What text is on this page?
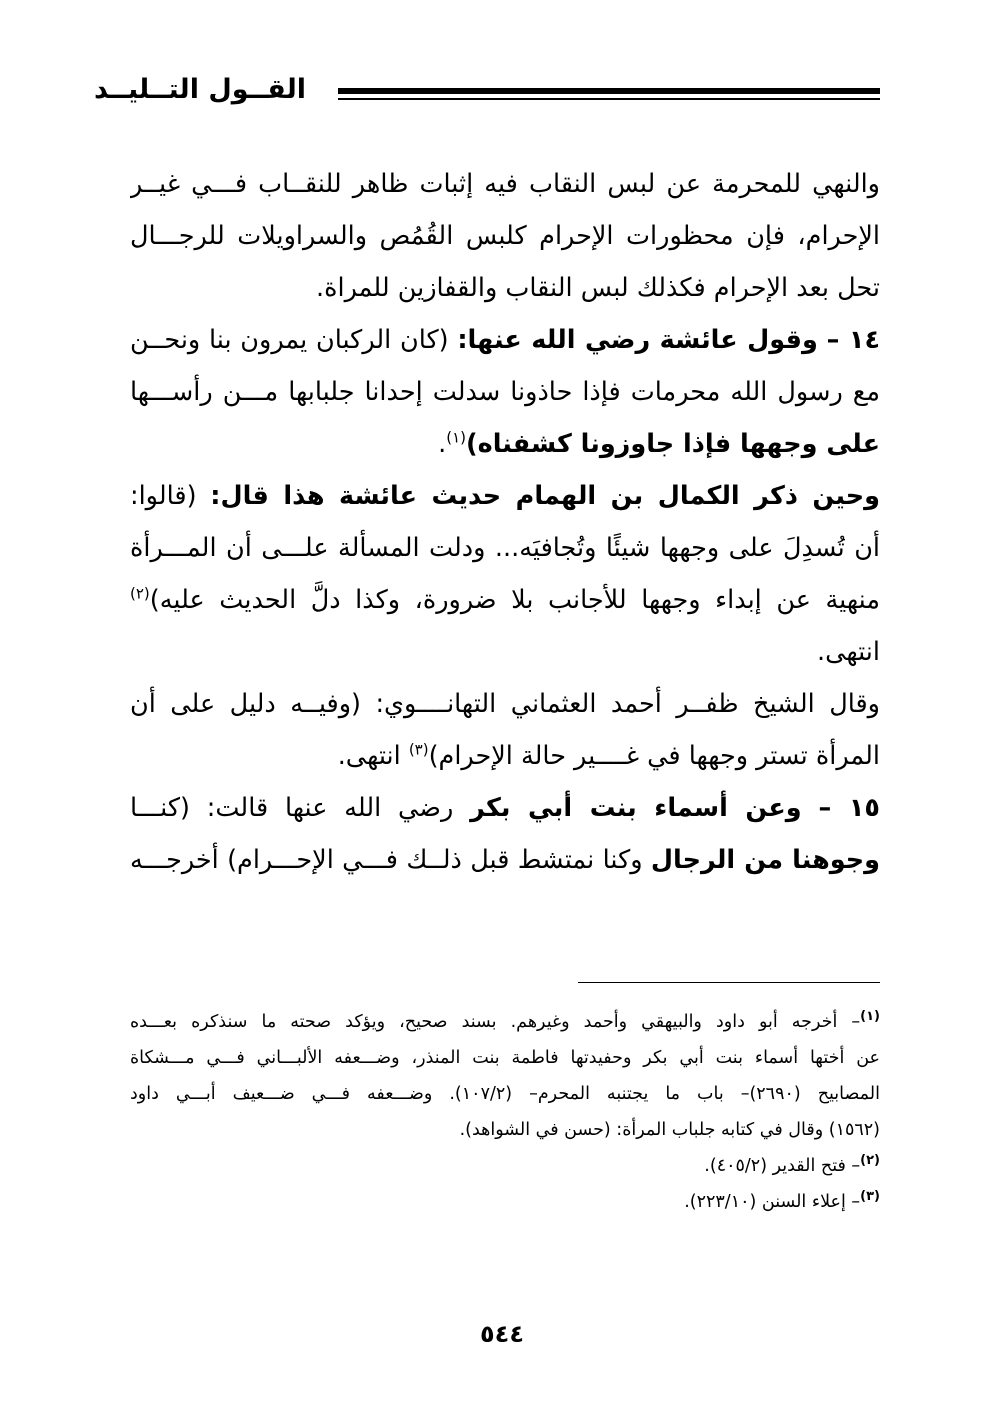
القــول التــليــد
والنهي للمحرمة عن لبس النقاب فيه إثبات ظاهر للنقــاب فـــي غيــر
الإحرام، فإن محظورات الإحرام كلبس القُمُص والسراويلات للرجـــال
تحل بعد الإحرام فكذلك لبس النقاب والقفازين للمراة.
١٤ – وقول عائشة رضي الله عنها: (كان الركبان يمرون بنا ونحــن
مع رسول الله محرمات فإذا حاذونا سدلت إحدانا جلبابها مـــن رأســـها
على وجهها فإذا جاوزونا كشفناه)$^{(١)}$.
وحين ذكر الكمال بن الهمام حديث عائشة هذا قال: (قالوا:
أن تُسدِلَ على وجهها شيئًا وتُجافيَه... ودلت المسألة علـــى أن المـــرأة
منهية عن إبداء وجهها للأجانب بلا ضرورة، وكذا دلَّ الحديث عليه)$^{(٢)}$
انتهى.
وقال الشيخ ظفــر أحمد العثماني التهانــــوي: (وفيــه دليل على أن
المرأة تستر وجهها في غــــير حالة الإحرام)$^{(٣)}$ انتهى.
١٥ – وعن أسماء بنت أبي بكر رضي الله عنها قالت: (كنـــا
وجوهنا من الرجال وكنا نمتشط قبل ذلــك فـــي الإحـــرام) أخرجـــه
$^{(١)}$– أخرجه أبو داود والبيهقي وأحمد وغيرهم. بسند صحيح، ويؤكد صحته ما سنذكره بعـــده
عن أختها أسماء بنت أبي بكر وحفيدتها فاطمة بنت المنذر، وضـــعفه الألبـــاني فـــي مـــشكاة
المصابيح (٢٦٩٠)– باب ما يجتنبه المحرم– (١٠٧/٢). وضـــعفه فـــي ضـــعيف أبـــي داود
(١٥٦٢) وقال في كتابه جلباب المرأة: (حسن في الشواهد).
$^{(٢)}$– فتح القدير (٤٠٥/٢).
$^{(٣)}$– إعلاء السنن (٢٢٣/١٠).
٥٤٤
